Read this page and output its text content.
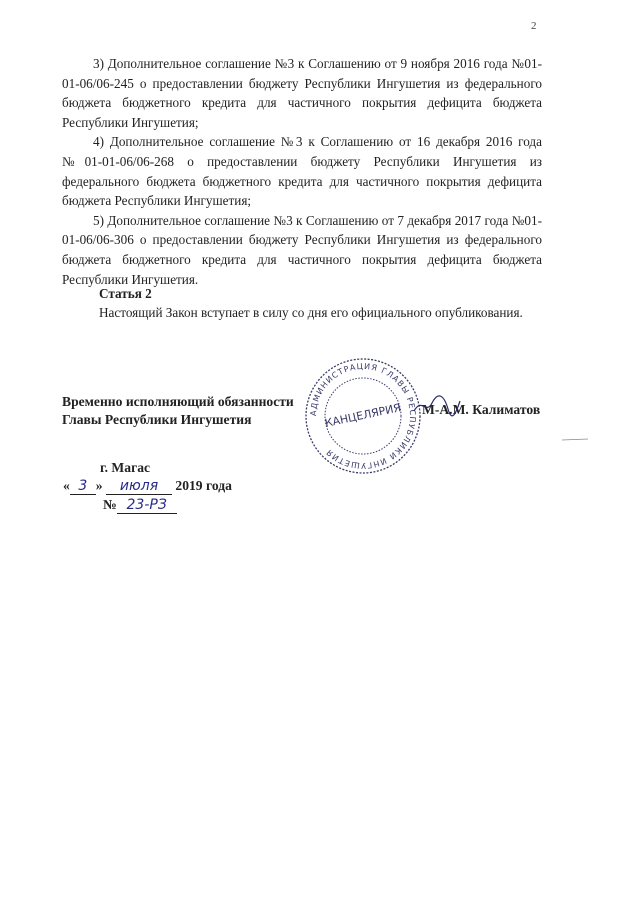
2

3) Дополнительное соглашение №3 к Соглашению от 9 ноября 2016 года №01-01-06/06-245 о предоставлении бюджету Республики Ингушетия из федерального бюджета бюджетного кредита для частичного покрытия дефицита бюджета Республики Ингушетия;

4) Дополнительное соглашение №3 к Соглашению от 16 декабря 2016 года №01-01-06/06-268 о предоставлении бюджету Республики Ингушетия из федерального бюджета бюджетного кредита для частичного покрытия дефицита бюджета Республики Ингушетия;

5) Дополнительное соглашение №3 к Соглашению от 7 декабря 2017 года №01-01-06/06-306 о предоставлении бюджету Республики Ингушетия из федерального бюджета бюджетного кредита для частичного покрытия дефицита бюджета Республики Ингушетия.

Статья 2

Настоящий Закон вступает в силу со дня его официального опубликования.

Временно исполняющий обязанности
Главы Республики Ингушетия	АДМИНИСТРАЦИЯ ГЛАВЫ РЕСПУБЛИКИ ИНГУШЕТИЯ
КАНЦЕЛЯРИЯ М-А.М. Калиматов
г. Магас
« 3 » июля 2019 года
№ 23-РЗ
